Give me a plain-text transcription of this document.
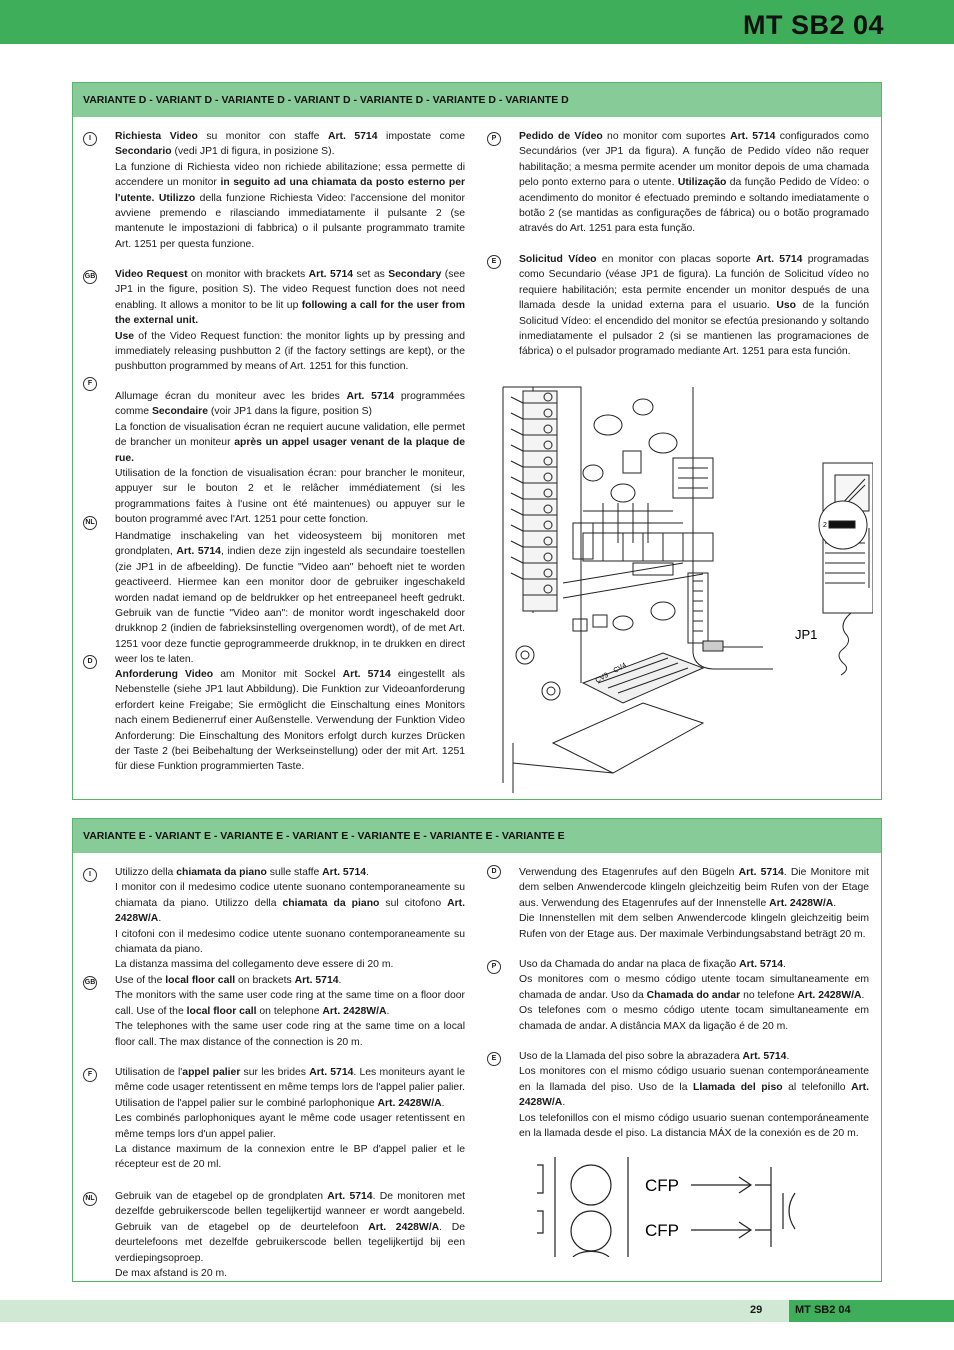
MT SB2 04
VARIANTE D - VARIANT D - VARIANTE D - VARIANT D - VARIANTE D - VARIANTE D - VARIANTE D
I	Richiesta Video su monitor con staffe Art. 5714 impostate come Secondario (vedi JP1 di figura, in posizione S).

La funzione di Richiesta video non richiede abilitazione; essa permette di accendere un monitor in seguito ad una chiamata da posto esterno per l'utente. Utilizzo della funzione Richiesta Video: l'accensione del monitor avviene premendo e rilasciando immediatamente il pulsante 2 (se mantenute le impostazioni di fabbrica) o il pulsante programmato tramite Art. 1251 per questa funzione.

GB Video Request on monitor with brackets Art. 5714 set as Secondary (see JP1 in the figure, position S). The video Request function does not need enabling. It allows a monitor to be lit up following a call for the user from the external unit.

Use of the Video Request function: the monitor lights up by pressing and immediately releasing pushbutton 2 (if the factory settings are kept), or the pushbutton programmed by means of Art. 1251 for this function.

F

Allumage écran du moniteur avec les brides Art. 5714 programmées comme Secondaire (voir JP1 dans la figure, position S)

La fonction de visualisation écran ne requiert aucune validation, elle permet de brancher un moniteur après un appel usager venant de la plaque de rue.

Utilisation de la fonction de visualisation écran: pour brancher le moniteur, appuyer sur le bouton 2 et le relâcher immédiatement (si les programmations faites à l'usine ont été maintenues) ou appuyer sur le bouton programmé avec l'Art. 1251 pour cette fonction.

NL

Handmatige inschakeling van het videosysteem bij monitoren met grondplaten, Art. 5714, indien deze zijn ingesteld als secundaire toestellen (zie JP1 in de afbeelding). De functie "Video aan" behoeft niet te worden geactiveerd. Hiermee kan een monitor door de gebruiker ingeschakeld worden nadat iemand op de beldrukker op het entreepaneel heeft gedrukt. Gebruik van de functie "Video aan": de monitor wordt ingeschakeld door drukknop 2 (indien de fabrieksinstelling overgenomen wordt), of de met Art. 1251 voor deze functie geprogrammeerde drukknop, in te drukken en direct weer los te laten.

D

Anforderung Video am Monitor mit Sockel Art. 5714 eingestellt als Nebenstelle (siehe JP1 laut Abbildung). Die Funktion zur Videoanforderung erfordert keine Freigabe; Sie ermöglicht die Einschaltung eines Monitors nach einem Bedienerruf einer Außenstelle. Verwendung der Funktion Video Anforderung: Die Einschaltung des Monitors erfolgt durch kurzes Drücken der Taste 2 (bei Beibehaltung der Werkseinstellung) oder der mit Art. 1251 für diese Funktion programmierten Taste.

P	Pedido de Vídeo no monitor com suportes Art. 5714 configurados como Secundários (ver JP1 da figura). A função de Pedido vídeo não requer habilitação; a mesma permite acender um monitor depois de uma chamada pelo ponto externo para o utente. Utilização da função Pedido de Vídeo: o acendimento do monitor é efectuado premindo e soltando imediatamente o botão 2 (se mantidas as configurações de fábrica) ou o botão programado através do Art. 1251 para esta função.

E	Solicitud Vídeo en monitor con placas soporte Art. 5714 programadas como Secundario (véase JP1 de figura). La función de Solicitud vídeo no requiere habilitación; esta permite encender un monitor después de una llamada desde la unidad externa para el usuario. Uso de la función Solicitud Vídeo: el encendido del monitor se efectúa presionando y soltando inmediatamente el pulsador 2 (si se mantienen las programaciones de fábrica) o el pulsador programado mediante Art. 1251 para esta función.

2
CV3
CV4
JP1
VARIANTE E - VARIANT E - VARIANTE E - VARIANT E - VARIANTE E - VARIANTE E - VARIANTE E
I	Utilizzo della chiamata da piano sulle staffe Art. 5714.

I monitor con il medesimo codice utente suonano contemporaneamente su chiamata da piano. Utilizzo della chiamata da piano sul citofono Art. 2428W/A.

I citofoni con il medesimo codice utente suonano contemporaneamente su chiamata da piano.

La distanza massima del collegamento deve essere di 20 m.

GB Use of the local floor call on brackets Art. 5714.

The monitors with the same user code ring at the same time on a floor door call. Use of the local floor call on telephone Art. 2428W/A.

The telephones with the same user code ring at the same time on a local floor call. The max distance of the connection is 20 m.

F	Utilisation de l'appel palier sur les brides Art. 5714. Les moniteurs ayant le même code usager retentissent en même temps lors de l'appel palier palier. Utilisation de l'appel palier sur le combiné parlophonique Art. 2428W/A.

Les combinés parlophoniques ayant le même code usager retentissent en même temps lors d'un appel palier.

La distance maximum de la connexion entre le BP d'appel palier et le récepteur est de 20 ml.

NL Gebruik van de etagebel op de grondplaten Art. 5714. De monitoren met dezelfde gebruikerscode bellen tegelijkertijd wanneer er wordt aangebeld. Gebruik van de etagebel op de deurtelefoon Art. 2428W/A. De deurtelefoons met dezelfde gebruikerscode bellen tegelijkertijd bij een verdiepingsoproep.

De max afstand is 20 m.

D	Verwendung des Etagenrufes auf den Bügeln Art. 5714. Die Monitore mit dem selben Anwendercode klingeln gleichzeitig beim Rufen von der Etage aus. Verwendung des Etagenrufes auf der Innenstelle Art. 2428W/A.

Die Innenstellen mit dem selben Anwendercode klingeln gleichzeitig beim Rufen von der Etage aus. Der maximale Verbindungsabstand beträgt 20 m.

P	Uso da Chamada do andar na placa de fixação Art. 5714.

Os monitores com o mesmo código utente tocam simultaneamente em chamada de andar. Uso da Chamada do andar no telefone Art. 2428W/A.

Os telefones com o mesmo código utente tocam simultaneamente em chamada de andar. A distância MAX da ligação é de 20 m.

E	Uso de la Llamada del piso sobre la abrazadera Art. 5714.

Los monitores con el mismo código usuario suenan contemporáneamente en la llamada del piso. Uso de la Llamada del piso al telefonillo Art. 2428W/A.

Los telefonillos con el mismo código usuario suenan contemporáneamente en la llamada desde el piso. La distancia MÁX de la conexión es de 20 m.

CFP
CFP
29	MT SB2 04
